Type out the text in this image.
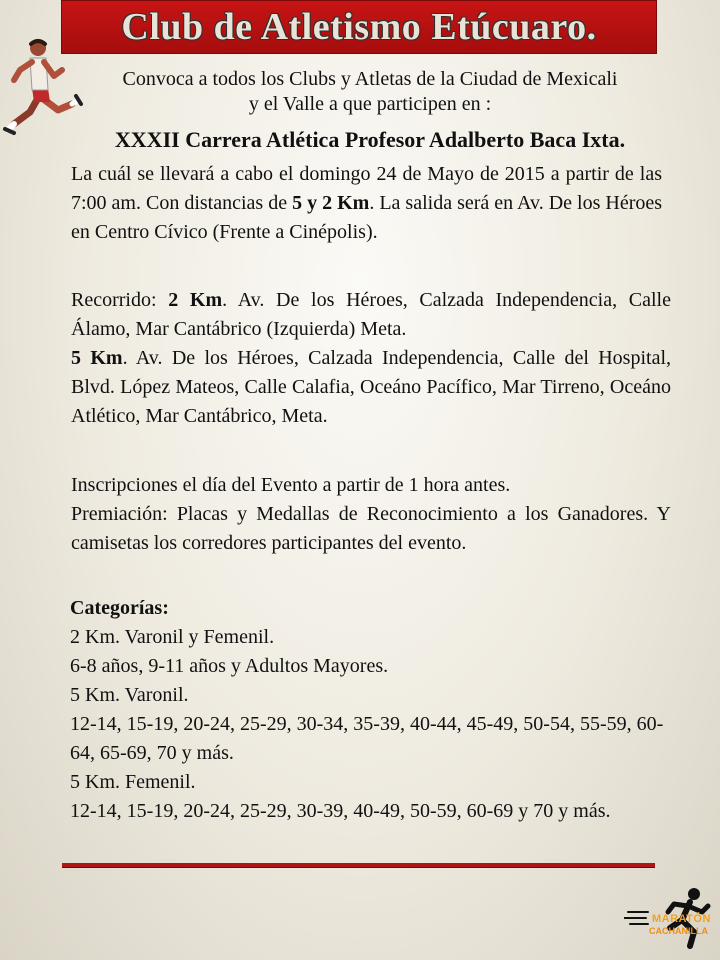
Club de Atletismo Etúcuaro.
Convoca a todos los Clubs y Atletas de la Ciudad de Mexicali
y el Valle a que participen en :
XXXII Carrera Atlética Profesor Adalberto Baca Ixta.
La cuál se llevará a cabo el domingo 24 de Mayo de 2015 a partir de las 7:00 am. Con distancias de 5 y 2 Km. La salida será en Av. De los Héroes en Centro Cívico (Frente a Cinépolis).
Recorrido: 2 Km. Av. De los Héroes, Calzada Independencia, Calle Álamo, Mar Cantábrico (Izquierda) Meta.
5 Km. Av. De los Héroes, Calzada Independencia, Calle del Hospital, Blvd. López Mateos, Calle Calafia, Oceáno Pacífico, Mar Tirreno, Oceáno Atlético, Mar Cantábrico, Meta.
Inscripciones el día del Evento a partir de 1 hora antes.
Premiación: Placas y Medallas de Reconocimiento a los Ganadores. Y camisetas los corredores participantes del evento.
Categorías:
2 Km. Varonil y Femenil.
6-8 años, 9-11 años y Adultos Mayores.
5 Km. Varonil.
12-14, 15-19, 20-24, 25-29, 30-34, 35-39, 40-44, 45-49, 50-54, 55-59, 60-64, 65-69, 70 y más.
5 Km. Femenil.
12-14, 15-19, 20-24, 25-29, 30-39, 40-49, 50-59, 60-69 y 70 y más.
MARATÓN
CACHANILLA
